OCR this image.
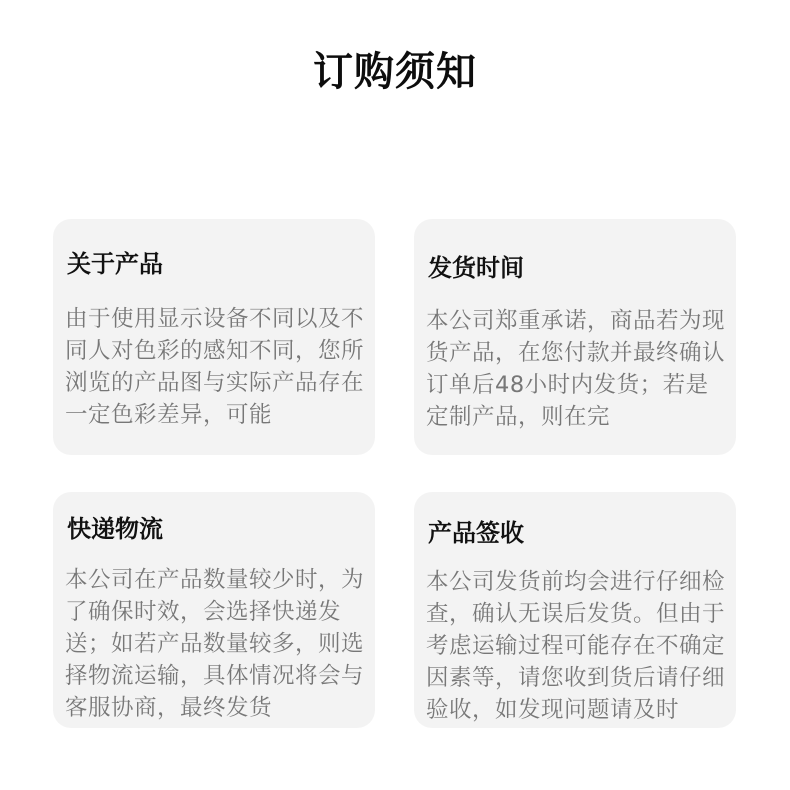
订购须知
关于产品
由于使用显示设备不同以及不同人对色彩的感知不同，您所浏览的产品图与实际产品存在一定色彩差异，可能
发货时间
本公司郑重承诺，商品若为现货产品，在您付款并最终确认订单后48小时内发货；若是定制产品，则在完
快递物流
本公司在产品数量较少时，为了确保时效，会选择快递发送；如若产品数量较多，则选择物流运输，具体情况将会与客服协商，最终发货
产品签收
本公司发货前均会进行仔细检查，确认无误后发货。但由于考虑运输过程可能存在不确定因素等，请您收到货后请仔细验收，如发现问题请及时
